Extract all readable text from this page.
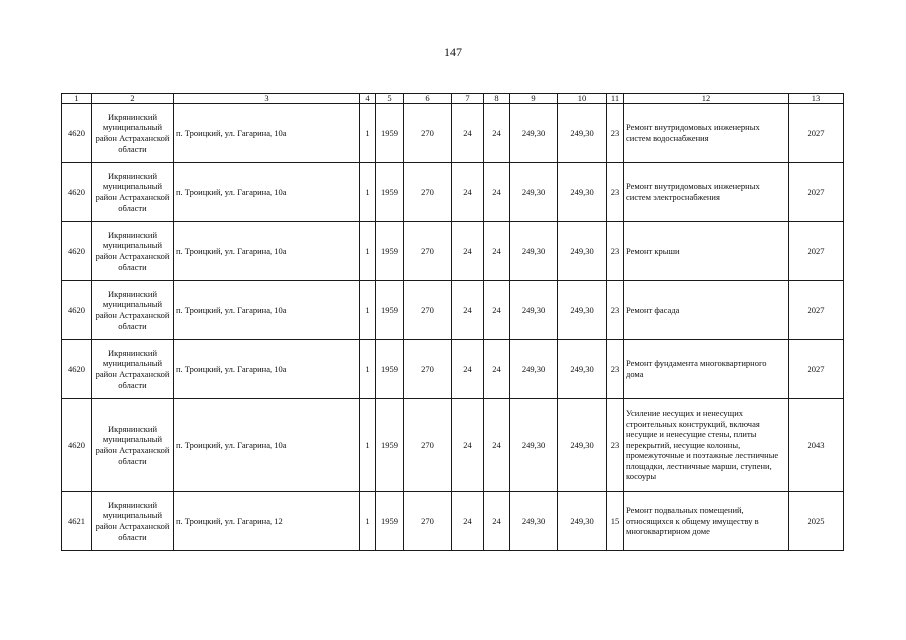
147
1	2	3	4	5	6	7	8	9	10	11	12	13
4620	Икрянинский муниципальный район Астраханской области	п. Троицкий, ул. Гагарина, 10а	1	1959	270	24	24	249,30	249,30	23	Ремонт внутридомовых инженерных систем водоснабжения	2027
4620	Икрянинский муниципальный район Астраханской области	п. Троицкий, ул. Гагарина, 10а	1	1959	270	24	24	249,30	249,30	23	Ремонт внутридомовых инженерных систем электроснабжения	2027
4620	Икрянинский муниципальный район Астраханской области	п. Троицкий, ул. Гагарина, 10а	1	1959	270	24	24	249,30	249,30	23	Ремонт крыши	2027
4620	Икрянинский муниципальный район Астраханской области	п. Троицкий, ул. Гагарина, 10а	1	1959	270	24	24	249,30	249,30	23	Ремонт фасада	2027
4620	Икрянинский муниципальный район Астраханской области	п. Троицкий, ул. Гагарина, 10а	1	1959	270	24	24	249,30	249,30	23	Ремонт фундамента многоквартирного дома	2027
4620	Икрянинский муниципальный район Астраханской области	п. Троицкий, ул. Гагарина, 10а	1	1959	270	24	24	249,30	249,30	23	Усиление несущих и ненесущих строительных конструкций, включая несущие и ненесущие стены, плиты перекрытий, несущие колонны, промежуточные и поэтажные лестничные площадки, лестничные марши, ступени, косоуры	2043
4621	Икрянинский муниципальный район Астраханской области	п. Троицкий, ул. Гагарина, 12	1	1959	270	24	24	249,30	249,30	15	Ремонт подвальных помещений, относящихся к общему имуществу в многоквартирном доме	2025
